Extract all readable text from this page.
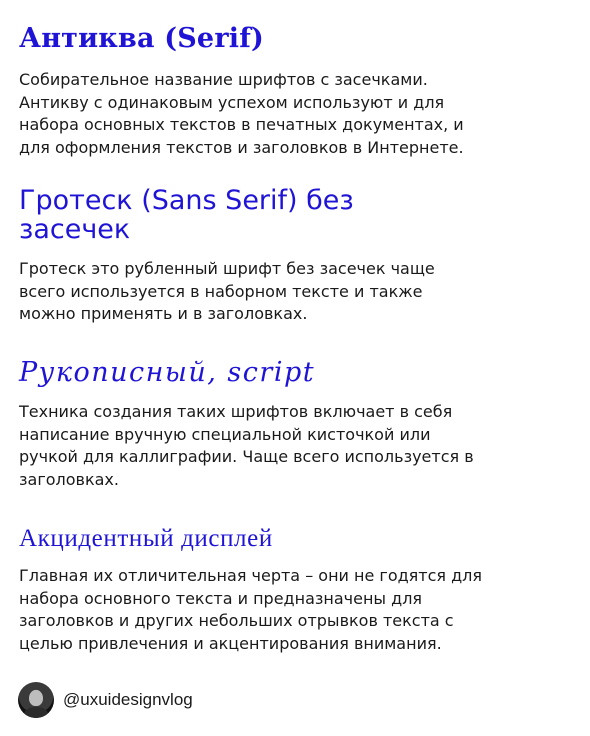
Антиква (Serif)

Собирательное название шрифтов с засечками. Антикву с одинаковым успехом используют и для набора основных текстов в печатных документах, и для оформления текстов и заголовков в Интернете.

Гротеск (Sans Serif) без засечек

Гротеск это рубленный шрифт без засечек чаще всего используется в наборном тексте и также можно применять и в заголовках.

Рукописный, script

Техника создания таких шрифтов включает в себя написание вручную специальной кисточкой или ручкой для каллиграфии. Чаще всего используется в заголовках.

Акцидентный дисплей

Главная их отличительная черта – они не годятся для набора основного текста и предназначены для заголовков и других небольших отрывков текста с целью привлечения и акцентирования внимания.

@uxuidesignvlog
